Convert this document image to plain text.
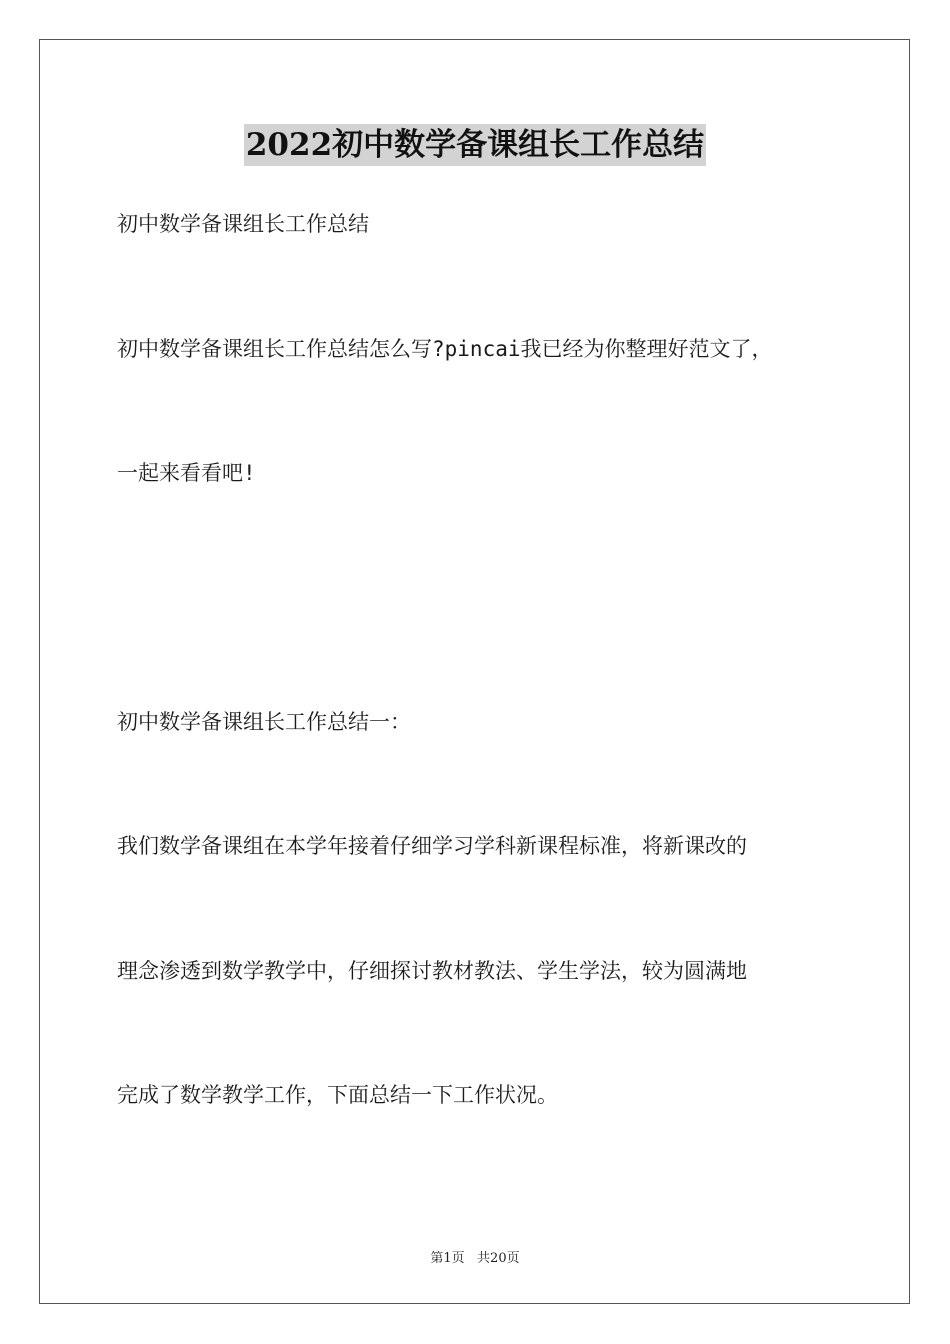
2022初中数学备课组长工作总结
初中数学备课组长工作总结
初中数学备课组长工作总结怎么写?pincai我已经为你整理好范文了，
一起来看看吧!
初中数学备课组长工作总结一：
我们数学备课组在本学年接着仔细学习学科新课程标准，将新课改的
理念渗透到数学教学中，仔细探讨教材教法、学生学法，较为圆满地
完成了数学教学工作，下面总结一下工作状况。
第1页   共20页
